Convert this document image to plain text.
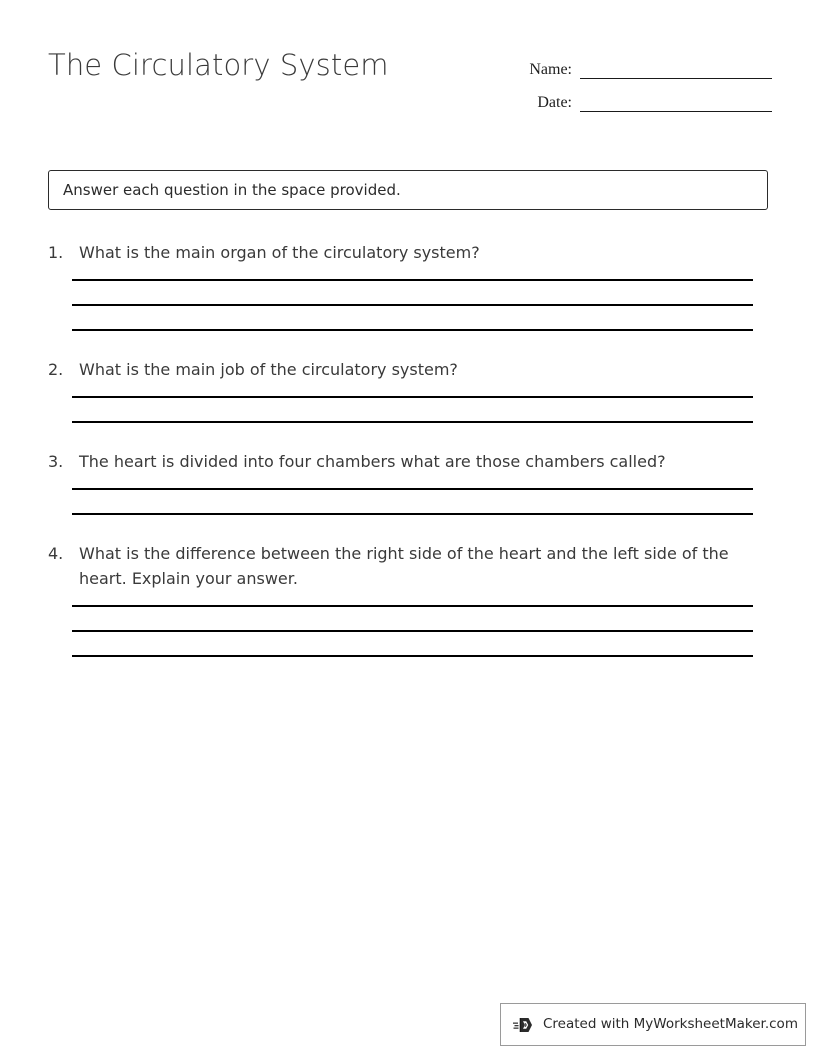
The Circulatory System	Name:
Date:
Answer each question in the space provided.
1. What is the main organ of the circulatory system?
2. What is the main job of the circulatory system?
3. The heart is divided into four chambers what are those chambers called?
4. What is the difference between the right side of the heart and the left side of the heart. Explain your answer.
Created with MyWorksheetMaker.com
